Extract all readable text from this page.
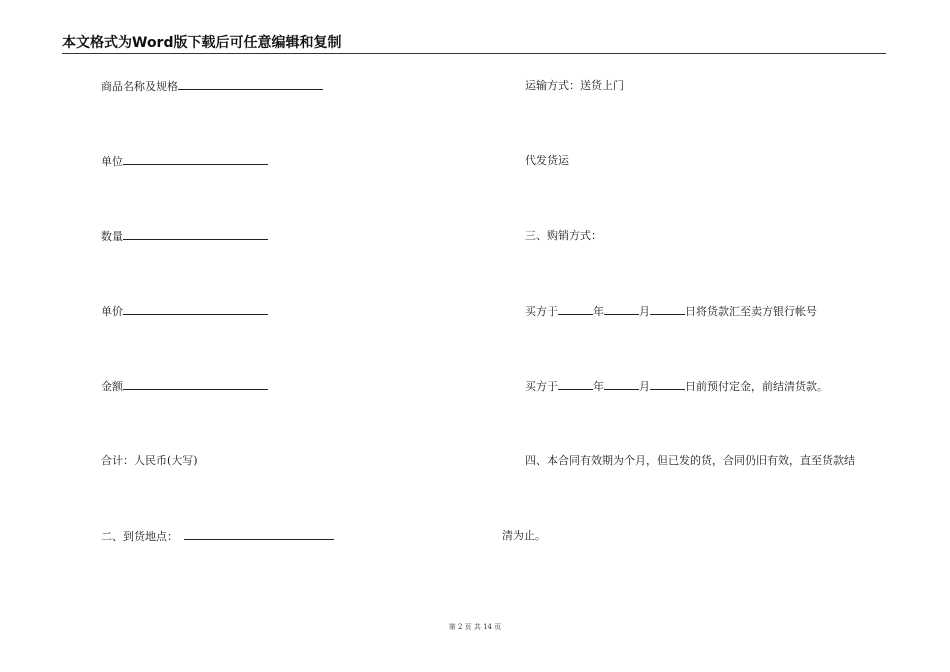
本文格式为Word版下载后可任意编辑和复制
商品名称及规格
单位
数量
单价
金额
合计：人民币(大写)
二、到货地点：
运输方式：送货上门
代发货运
三、购销方式：
买方于	年	月	日将货款汇至卖方银行帐号
买方于	年	月	日前预付定金，前结清货款。
四、本合同有效期为个月，但已发的货，合同仍旧有效，直至货款结
清为止。
第 2 页 共 14 页
